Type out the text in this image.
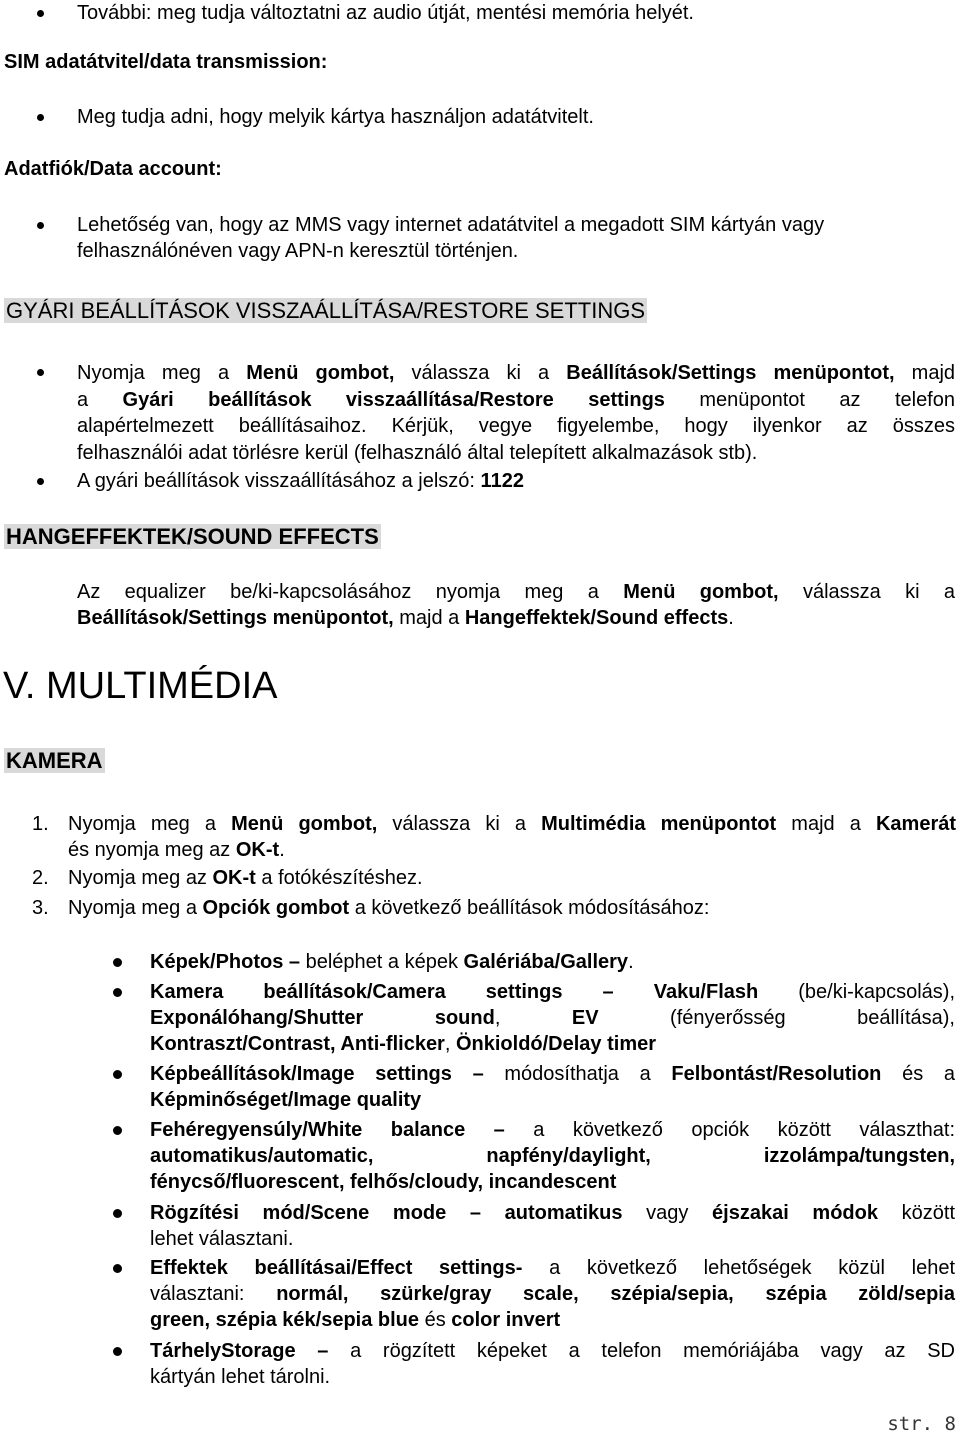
További: meg tudja változtatni az audio útját, mentési memória helyét.
SIM adatátvitel/data transmission:
Meg tudja adni, hogy melyik kártya használjon adatátvitelt.
Adatfiók/Data account:
Lehetőség van, hogy az MMS vagy internet adatátvitel a megadott SIM kártyán vagy
felhasználónéven vagy APN-n keresztül történjen.
GYÁRI BEÁLLÍTÁSOK VISSZAÁLLÍTÁSA/RESTORE SETTINGS
Nyomja meg a Menü gombot, válassza ki a Beállítások/Settings menüpontot, majd
a Gyári beállítások visszaállítása/Restore settings menüpontot az telefon
alapértelmezett beállításaihoz. Kérjük, vegye figyelembe, hogy ilyenkor az összes
felhasználói adat törlésre kerül (felhasználó által telepített alkalmazások stb).
A gyári beállítások visszaállításához a jelszó: 1122
HANGEFFEKTEK/SOUND EFFECTS
Az equalizer be/ki-kapcsolásához nyomja meg a Menü gombot, válassza ki a
Beállítások/Settings menüpontot, majd a Hangeffektek/Sound effects.
V. MULTIMÉDIA
KAMERA
1. Nyomja meg a Menü gombot, válassza ki a Multimédia menüpontot majd a Kamerát
és nyomja meg az OK-t.
2. Nyomja meg az OK-t a fotókészítéshez.
3. Nyomja meg a Opciók gombot a következő beállítások módosításához:
Képek/Photos – beléphet a képek Galériába/Gallery.
Kamera beállítások/Camera settings – Vaku/Flash (be/ki-kapcsolás),
Exponálóhang/Shutter sound, EV (fényerősség beállítása),
Kontraszt/Contrast, Anti-flicker, Önkioldó/Delay timer
Képbeállítások/Image settings – módosíthatja a Felbontást/Resolution és a
Képminőséget/Image quality
Fehéregyensúly/White balance – a következő opciók között választhat:
automatikus/automatic, napfény/daylight, izzolámpa/tungsten,
fénycső/fluorescent, felhős/cloudy, incandescent
Rögzítési mód/Scene mode – automatikus vagy éjszakai módok között
lehet választani.
Effektek beállításai/Effect settings- a következő lehetőségek közül lehet
választani: normál, szürke/gray scale, szépia/sepia, szépia zöld/sepia
green, szépia kék/sepia blue és color invert
TárhelyStorage – a rögzített képeket a telefon memóriájába vagy az SD
kártyán lehet tárolni.
str. 8
